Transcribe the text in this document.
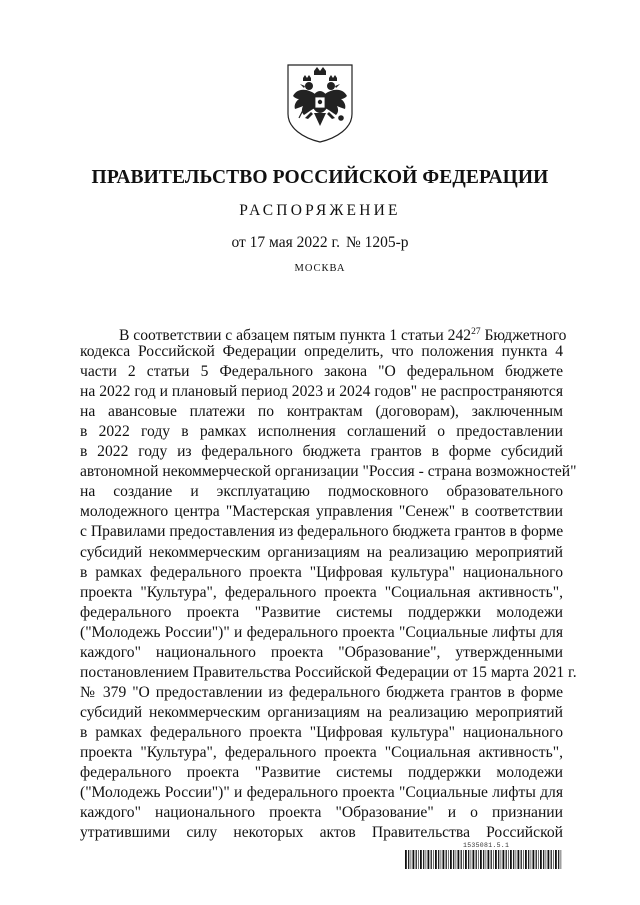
ПРАВИТЕЛЬСТВО РОССИЙСКОЙ ФЕДЕРАЦИИ
РАСПОРЯЖЕНИЕ
от 17 мая 2022 г. № 1205-р
МОСКВА
В соответствии с абзацем пятым пункта 1 статьи $242^{27}$ Бюджетного
кодекса Российской Федерации определить, что положения пункта 4
части 2 статьи 5 Федерального закона "О федеральном бюджете
на 2022 год и плановый период 2023 и 2024 годов" не распространяются
на авансовые платежи по контрактам (договорам), заключенным
в 2022 году в рамках исполнения соглашений о предоставлении
в 2022 году из федерального бюджета грантов в форме субсидий
автономной некоммерческой организации "Россия - страна возможностей"
на создание и эксплуатацию подмосковного образовательного
молодежного центра "Мастерская управления "Сенеж" в соответствии
с Правилами предоставления из федерального бюджета грантов в форме
субсидий некоммерческим организациям на реализацию мероприятий
в рамках федерального проекта "Цифровая культура" национального
проекта "Культура", федерального проекта "Социальная активность",
федерального проекта "Развитие системы поддержки молодежи
("Молодежь России")" и федерального проекта "Социальные лифты для
каждого" национального проекта "Образование", утвержденными
постановлением Правительства Российской Федерации от 15 марта 2021 г.
№ 379 "О предоставлении из федерального бюджета грантов в форме
субсидий некоммерческим организациям на реализацию мероприятий
в рамках федерального проекта "Цифровая культура" национального
проекта "Культура", федерального проекта "Социальная активность",
федерального проекта "Развитие системы поддержки молодежи
("Молодежь России")" и федерального проекта "Социальные лифты для
каждого" национального проекта "Образование" и о признании
утратившими силу некоторых актов Правительства Российской
1535081.5.1
